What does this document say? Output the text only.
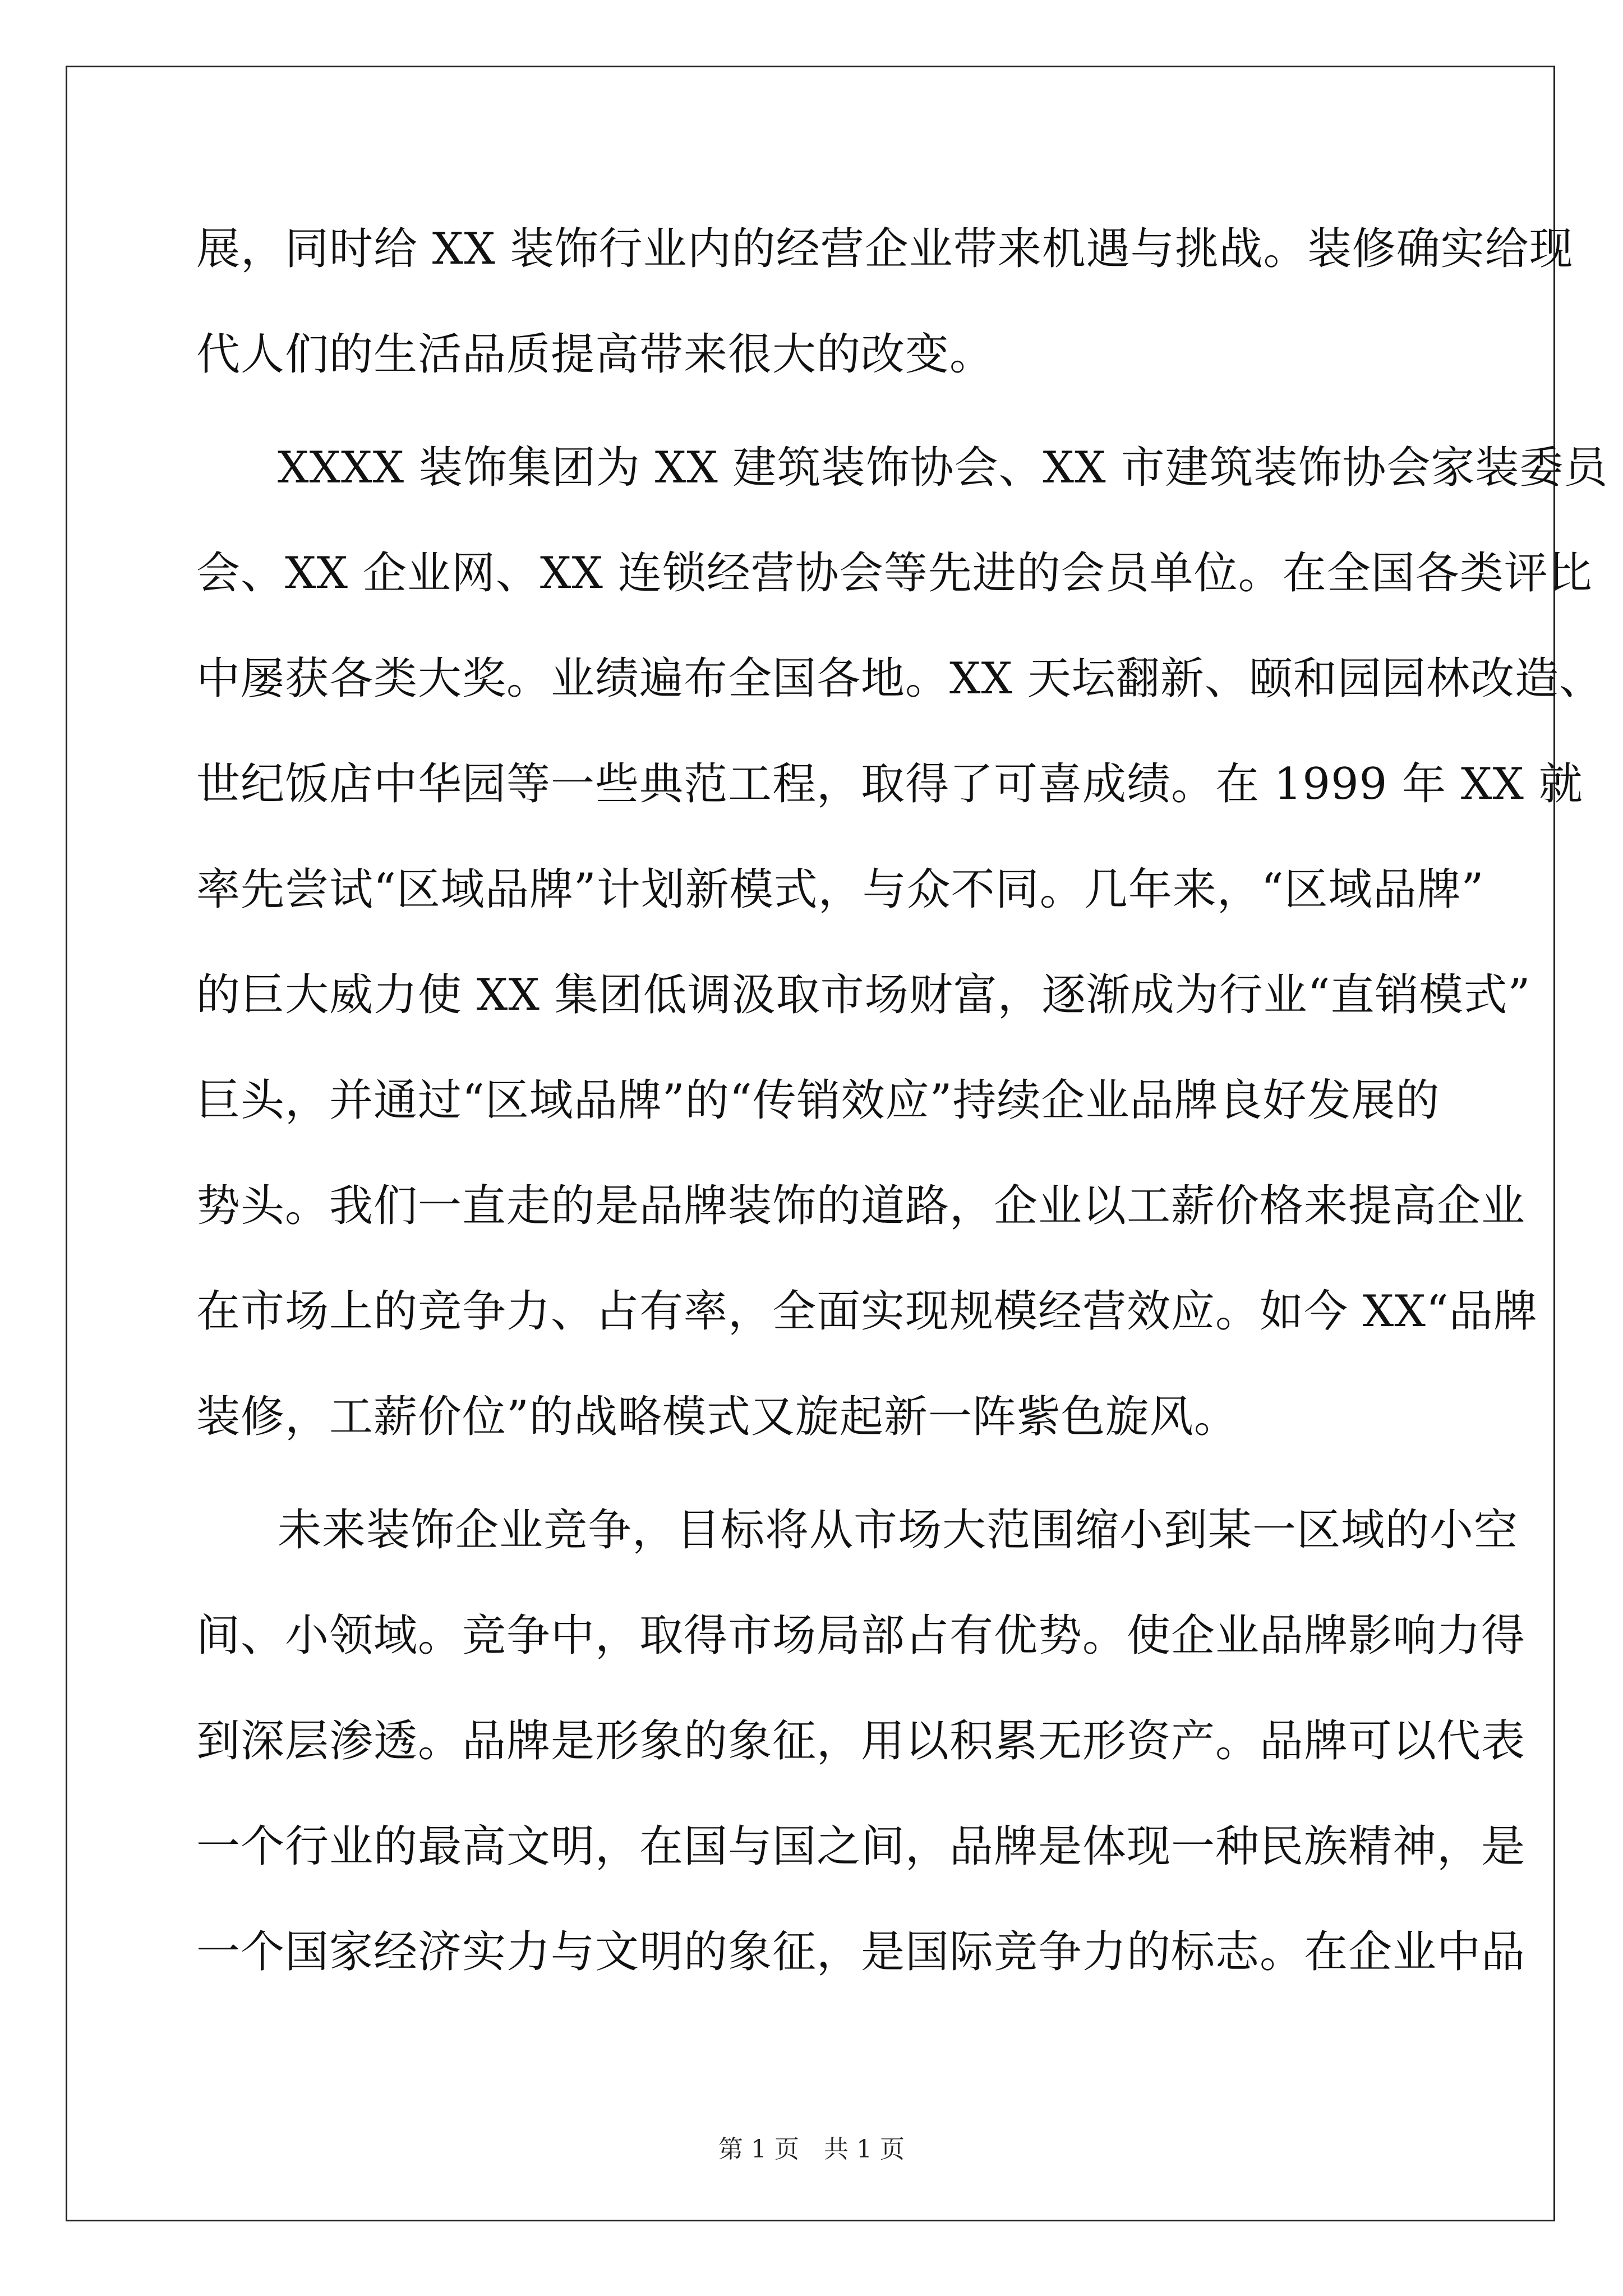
展，同时给 XX 装饰行业内的经营企业带来机遇与挑战。装修确实给现
代人们的生活品质提高带来很大的改变。
XXXX 装饰集团为 XX 建筑装饰协会、XX 市建筑装饰协会家装委员
会、XX 企业网、XX 连锁经营协会等先进的会员单位。在全国各类评比
中屡获各类大奖。业绩遍布全国各地。XX 天坛翻新、颐和园园林改造、
世纪饭店中华园等一些典范工程，取得了可喜成绩。在 1999 年 XX 就
率先尝试“区域品牌”计划新模式，与众不同。几年来，“区域品牌”
的巨大威力使 XX 集团低调汲取市场财富，逐渐成为行业“直销模式”
巨头，并通过“区域品牌”的“传销效应”持续企业品牌良好发展的
势头。我们一直走的是品牌装饰的道路，企业以工薪价格来提高企业
在市场上的竞争力、占有率，全面实现规模经营效应。如今 XX“品牌
装修，工薪价位”的战略模式又旋起新一阵紫色旋风。
未来装饰企业竞争，目标将从市场大范围缩小到某一区域的小空
间、小领域。竞争中，取得市场局部占有优势。使企业品牌影响力得
到深层渗透。品牌是形象的象征，用以积累无形资产。品牌可以代表
一个行业的最高文明，在国与国之间，品牌是体现一种民族精神，是
一个国家经济实力与文明的象征，是国际竞争力的标志。在企业中品
第 1 页　共 1 页
